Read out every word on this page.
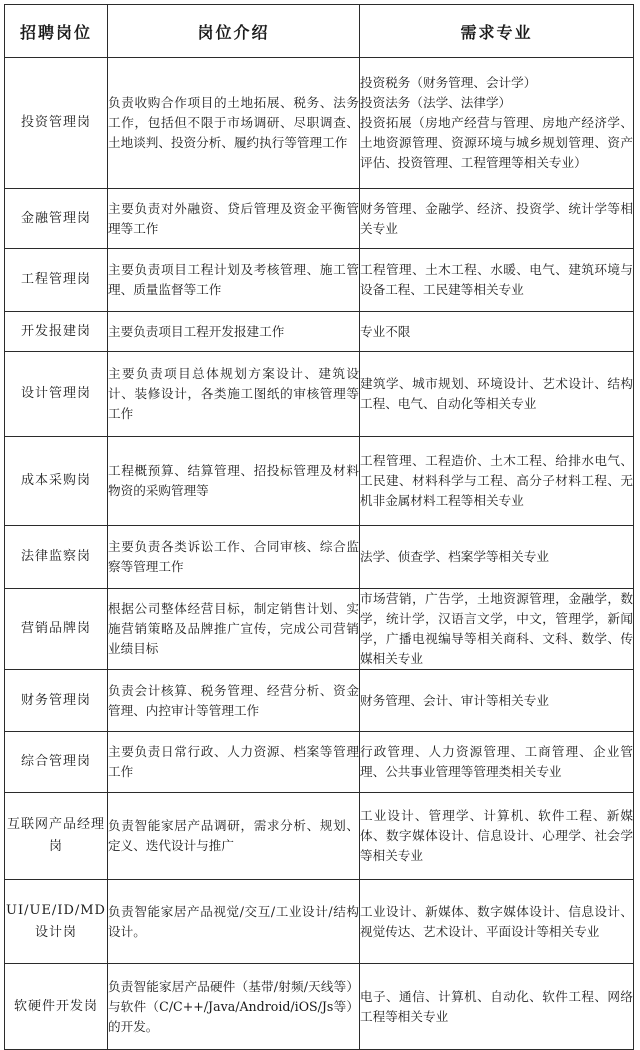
招聘岗位	岗位介绍	需求专业
投资管理岗	负责收购合作项目的土地拓展、税务、法务工作，包括但不限于市场调研、尽职调查、土地谈判、投资分析、履约执行等管理工作	投资税务（财务管理、会计学）
投资法务（法学、法律学）
投资拓展（房地产经营与管理、房地产经济学、土地资源管理、资源环境与城乡规划管理、资产评估、投资管理、工程管理等相关专业）

金融管理岗	主要负责对外融资、贷后管理及资金平衡管理等工作	财务管理、金融学、经济、投资学、统计学等相关专业
工程管理岗	主要负责项目工程计划及考核管理、施工管理、质量监督等工作	工程管理、土木工程、水暖、电气、建筑环境与设备工程、工民建等相关专业
开发报建岗	主要负责项目工程开发报建工作	专业不限
设计管理岗	主要负责项目总体规划方案设计、建筑设计、装修设计，各类施工图纸的审核管理等工作	建筑学、城市规划、环境设计、艺术设计、结构工程、电气、自动化等相关专业
成本采购岗	工程概预算、结算管理、招投标管理及材料物资的采购管理等	工程管理、工程造价、土木工程、给排水电气、工民建、材料科学与工程、高分子材料工程、无机非金属材料工程等相关专业
法律监察岗	主要负责各类诉讼工作、合同审核、综合监察等管理工作	法学、侦查学、档案学等相关专业
营销品牌岗	根据公司整体经营目标，制定销售计划、实施营销策略及品牌推广宣传，完成公司营销业绩目标	市场营销，广告学，土地资源管理，金融学，数学，统计学，汉语言文学，中文，管理学，新闻学，广播电视编导等相关商科、文科、数学、传媒相关专业
财务管理岗	负责会计核算、税务管理、经营分析、资金管理、内控审计等管理工作	财务管理、会计、审计等相关专业
综合管理岗	主要负责日常行政、人力资源、档案等管理工作	行政管理、人力资源管理、工商管理、企业管理、公共事业管理等管理类相关专业
互联网产品经理岗	负责智能家居产品调研，需求分析、规划、定义、迭代设计与推广	工业设计、管理学、计算机、软件工程、新媒体、数字媒体设计、信息设计、心理学、社会学等相关专业
UI/UE/ID/MD设计岗	负责智能家居产品视觉/交互/工业设计/结构设计。	工业设计、新媒体、数字媒体设计、信息设计、视觉传达、艺术设计、平面设计等相关专业
软硬件开发岗	负责智能家居产品硬件（基带/射频/天线等）与软件（C/C++/Java/Android/iOS/Js等）的开发。	电子、通信、计算机、自动化、软件工程、网络工程等相关专业
